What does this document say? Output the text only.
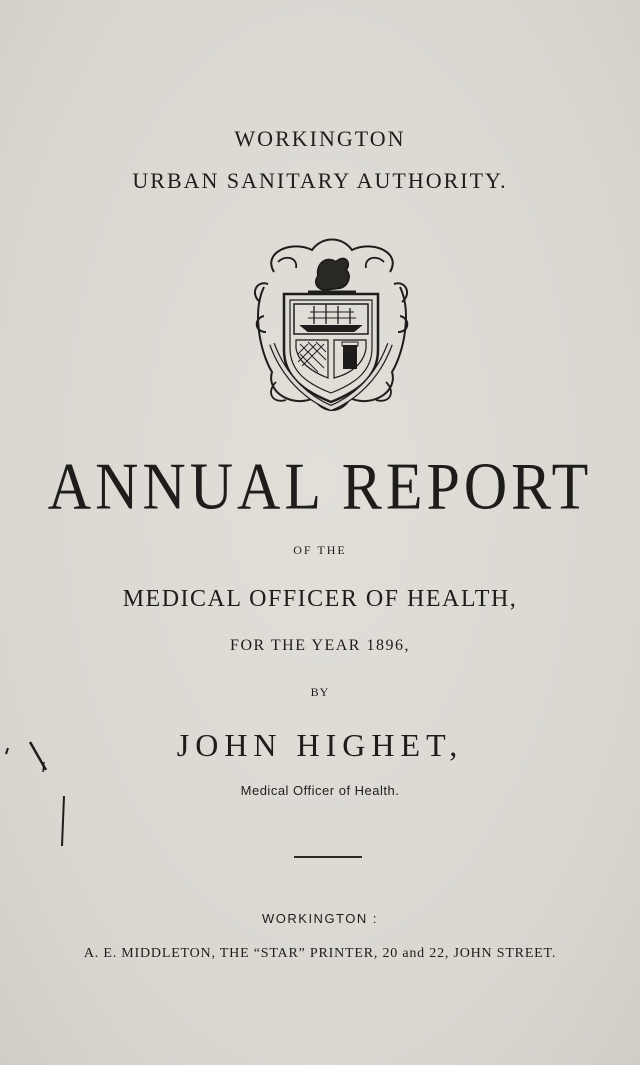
WORKINGTON
URBAN SANITARY AUTHORITY.
ANNUAL REPORT
OF THE
MEDICAL OFFICER OF HEALTH,
FOR THE YEAR 1896,
BY
JOHN HIGHET,
Medical Officer of Health.
WORKINGTON :
A. E. MIDDLETON, THE “STAR” PRINTER, 20 and 22, JOHN STREET.
